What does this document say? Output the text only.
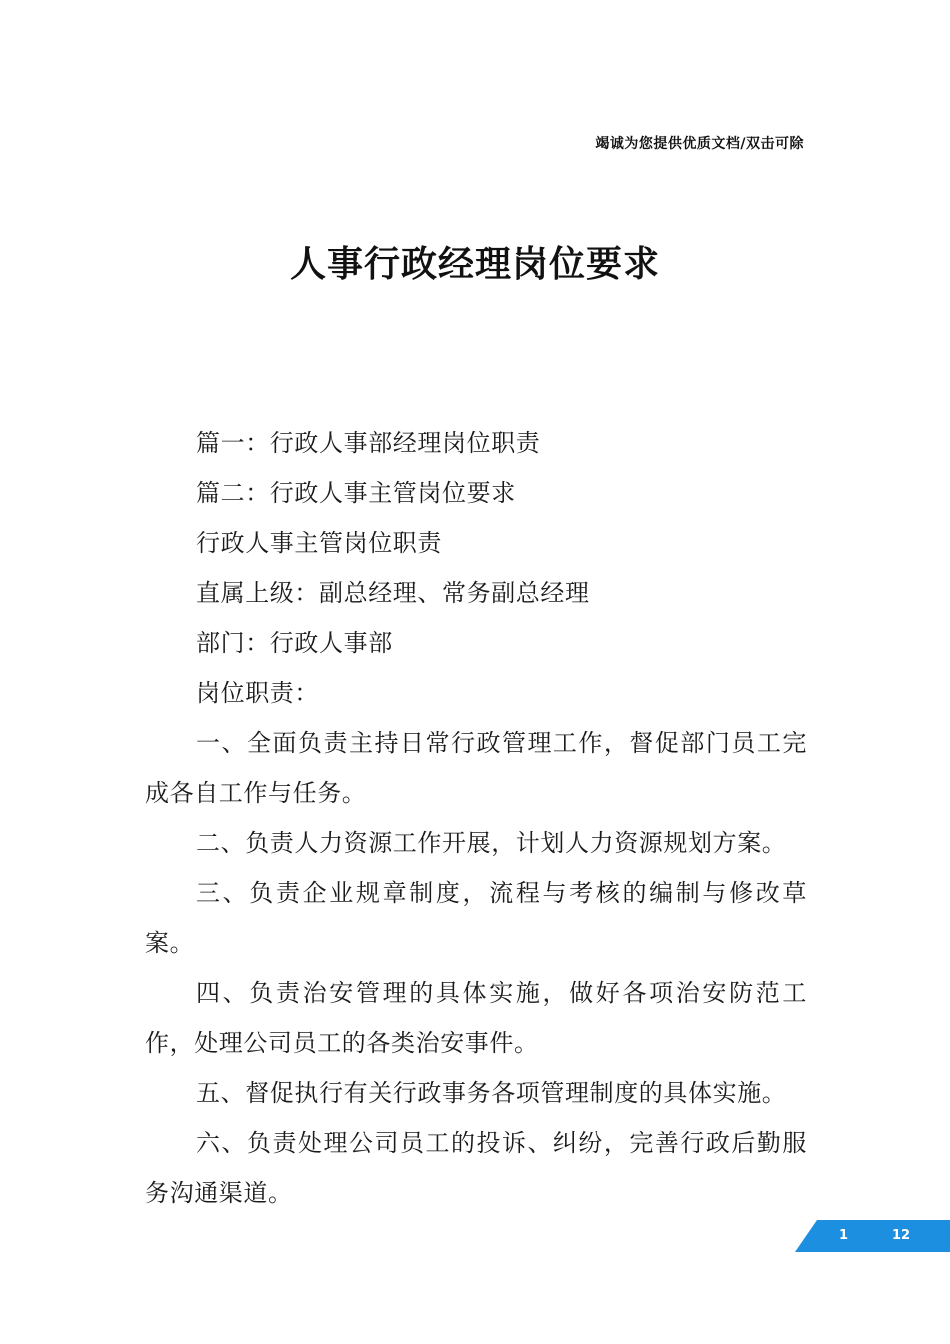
竭诚为您提供优质文档/双击可除
人事行政经理岗位要求

篇一：行政人事部经理岗位职责

篇二：行政人事主管岗位要求

行政人事主管岗位职责

直属上级：副总经理、常务副总经理

部门：行政人事部

岗位职责：

一、全面负责主持日常行政管理工作，督促部门员工完成各自工作与任务。

二、负责人力资源工作开展，计划人力资源规划方案。

三、负责企业规章制度，流程与考核的编制与修改草案。

四、负责治安管理的具体实施，做好各项治安防范工作，处理公司员工的各类治安事件。

五、督促执行有关行政事务各项管理制度的具体实施。

六、负责处理公司员工的投诉、纠纷，完善行政后勤服务沟通渠道。

1	12
